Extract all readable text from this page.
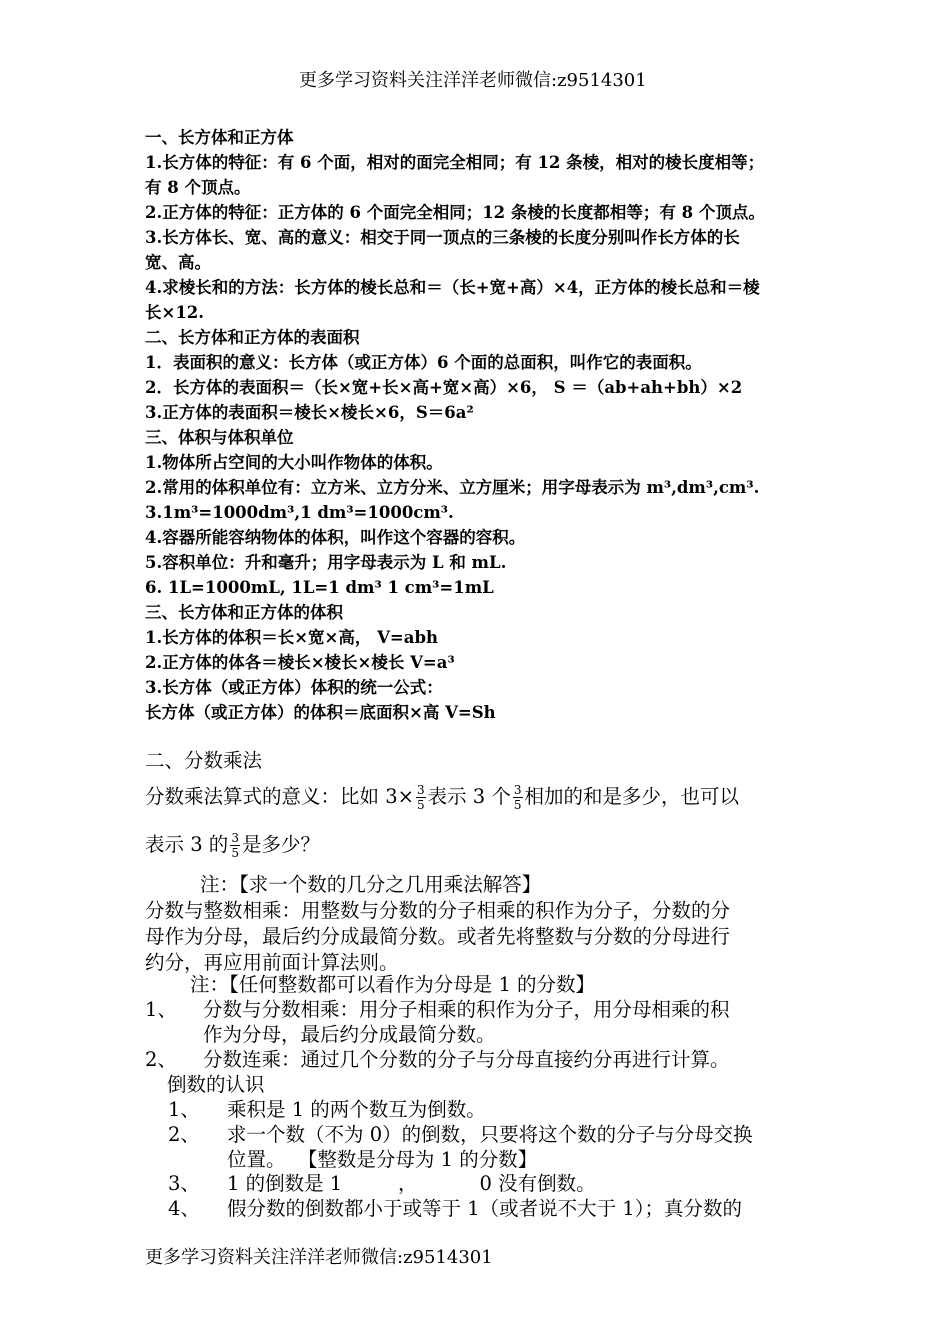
更多学习资料关注洋洋老师微信:z9514301
一、长方体和正方体
1.长方体的特征：有 6 个面，相对的面完全相同；有 12 条棱，相对的棱长度相等；
有 8 个顶点。
2.正方体的特征：正方体的 6 个面完全相同；12 条棱的长度都相等；有 8 个顶点。
3.长方体长、宽、高的意义：相交于同一顶点的三条棱的长度分别叫作长方体的长
宽、高。
4.求棱长和的方法：长方体的棱长总和＝（长+宽+高）×4，正方体的棱长总和＝棱
长×12.
二、长方体和正方体的表面积
1．表面积的意义：长方体（或正方体）6 个面的总面积，叫作它的表面积。
2．长方体的表面积＝（长×宽+长×高+宽×高）×6， S ＝（ab+ah+bh）×2
3.正方体的表面积＝棱长×棱长×6，S＝6a²
三、体积与体积单位
1.物体所占空间的大小叫作物体的体积。
2.常用的体积单位有：立方米、立方分米、立方厘米；用字母表示为 m³,dm³,cm³.
3.1m³=1000dm³,1 dm³=1000cm³.
4.容器所能容纳物体的体积，叫作这个容器的容积。
5.容积单位：升和毫升；用字母表示为 L 和 mL.
6. 1L=1000mL, 1L=1 dm³ 1 cm³=1mL
三、长方体和正方体的体积
1.长方体的体积＝长×宽×高， V=abh
2.正方体的体各＝棱长×棱长×棱长 V=a³
3.长方体（或正方体）体积的统一公式：
长方体（或正方体）的体积＝底面积×高 V=Sh
二、分数乘法
分数乘法算式的意义：比如 $3\times \frac{3}{5}$ 表示 3 个 $\frac{3}{5}$ 相加的和是多少，也可以
表示 3 的 $\frac{3}{5}$ 是多少？
注：【求一个数的几分之几用乘法解答】
分数与整数相乘：用整数与分数的分子相乘的积作为分子，分数的分
母作为分母，最后约分成最简分数。或者先将整数与分数的分母进行
约分，再应用前面计算法则。
注：【任何整数都可以看作为分母是 1 的分数】
1、 分数与分数相乘：用分子相乘的积作为分子，用分母相乘的积
作为分母，最后约分成最简分数。
2、 分数连乘：通过几个分数的分子与分母直接约分再进行计算。
倒数的认识
1、 乘积是 1 的两个数互为倒数。
2、 求一个数（不为 0）的倒数，只要将这个数的分子与分母交换
位置。  【整数是分母为 1 的分数】
3、 1 的倒数是 1         ，          0 没有倒数。
4、 假分数的倒数都小于或等于 1（或者说不大于 1）；真分数的
更多学习资料关注洋洋老师微信:z9514301
